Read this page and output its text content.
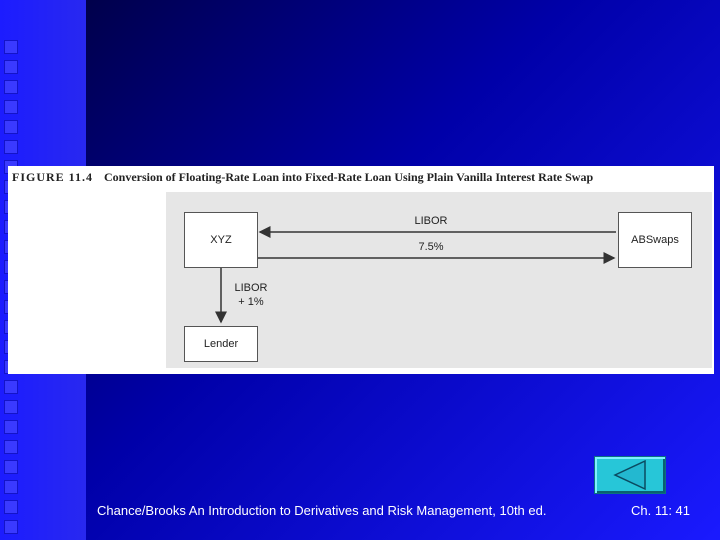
FIGURE 11.4 Conversion of Floating-Rate Loan into Fixed-Rate Loan Using Plain Vanilla Interest Rate Swap
XYZ	ABSwaps
Lender
LIBOR
7.5%
LIBOR
+ 1%
Chance/Brooks An Introduction to Derivatives and Risk Management, 10th ed.	Ch. 11: 41
